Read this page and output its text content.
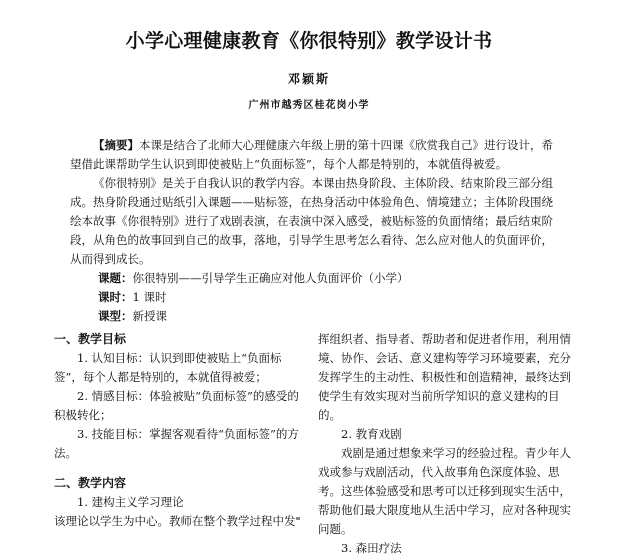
小学心理健康教育《你很特别》教学设计书
邓颖斯
广州市越秀区桂花岗小学

【摘要】本课是结合了北师大心理健康六年级上册的第十四课《欣赏我自己》进行设计，希望借此课帮助学生认识到即使被贴上“负面标签”，每个人都是特别的，本就值得被爱。

《你很特别》是关于自我认识的教学内容。本课由热身阶段、主体阶段、结束阶段三部分组成。热身阶段通过贴纸引入课题——贴标签，在热身活动中体验角色、情境建立；主体阶段围绕绘本故事《你很特别》进行了戏剧表演，在表演中深入感受，被贴标签的负面情绪；最后结束阶段，从角色的故事回到自己的故事，落地，引导学生思考怎么看待、怎么应对他人的负面评价，从而得到成长。

课题：你很特别——引导学生正确应对他人负面评价（小学）

课时：1 课时

课型：新授课

一、教学目标

1. 认知目标：认识到即使被贴上“负面标签”，每个人都是特别的，本就值得被爱；

2. 情感目标：体验被贴“负面标签”的感受的积极转化；

3. 技能目标：掌握客观看待“负面标签”的方法。

二、教学内容

1. 建构主义学习理论

该理论以学生为中心。教师在整个教学过程中发

挥组织者、指导者、帮助者和促进者作用，利用情境、协作、会话、意义建构等学习环境要素，充分发挥学生的主动性、积极性和创造精神，最终达到使学生有效实现对当前所学知识的意义建构的目的。

2. 教育戏剧

戏剧是通过想象来学习的经验过程。青少年人戏或参与戏剧活动，代入故事角色深度体验、思考。这些体验感受和思考可以迁移到现实生活中，帮助他们最大限度地从生活中学习，应对各种现实问题。

3. 森田疗法
